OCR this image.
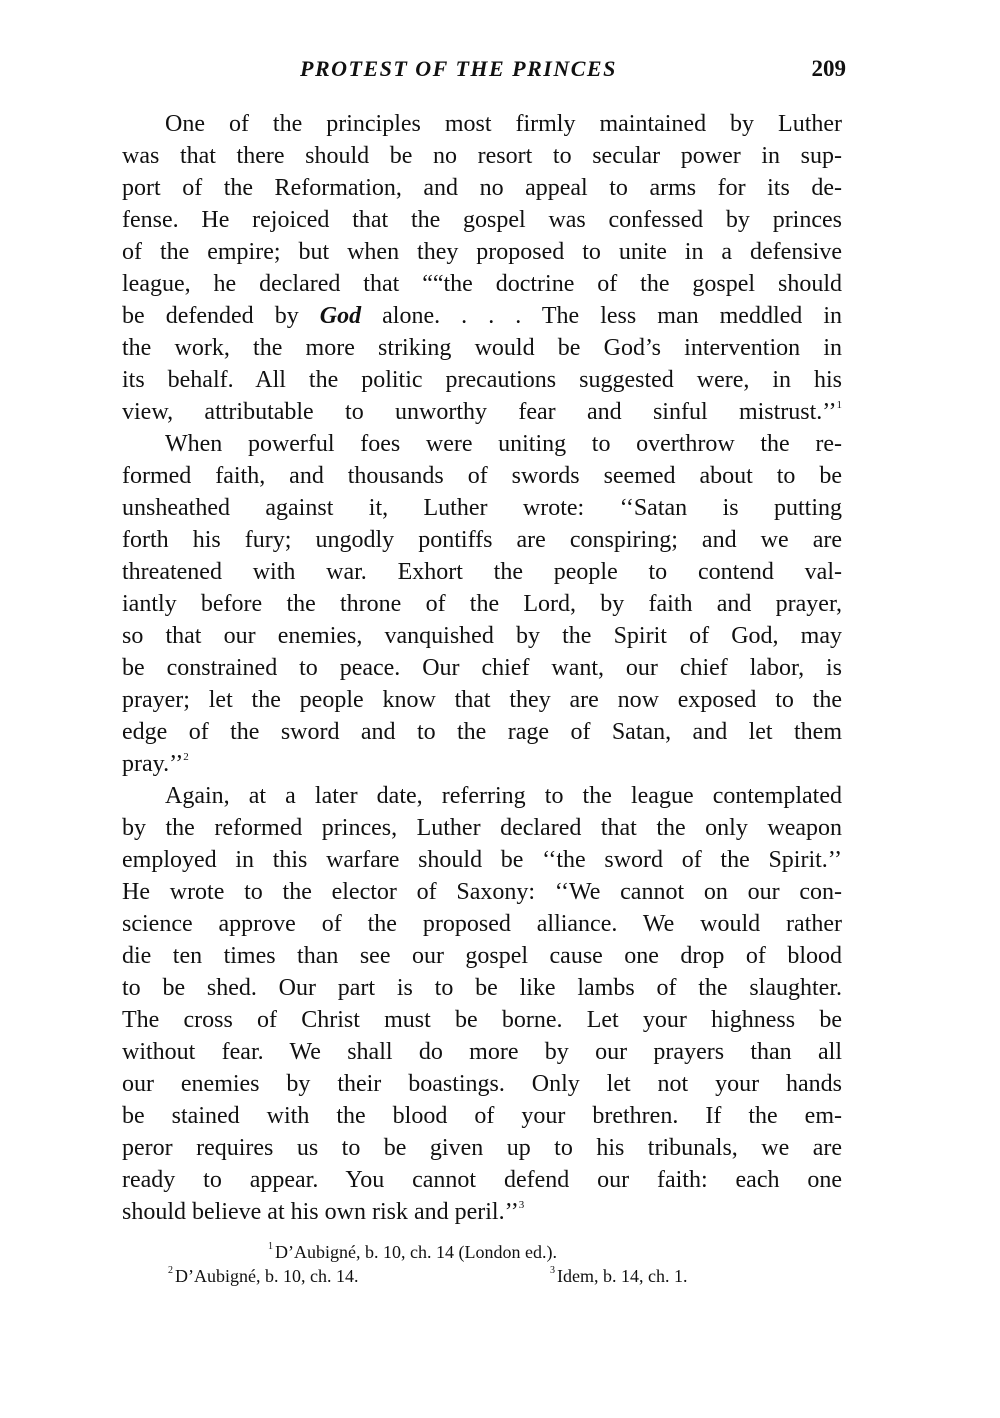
PROTEST OF THE PRINCES	209
One of the principles most firmly maintained by Luther
was that there should be no resort to secular power in sup-
port of the Reformation, and no appeal to arms for its de-
fense. He rejoiced that the gospel was confessed by princes
of the empire; but when they proposed to unite in a defensive
league, he declared that ““the doctrine of the gospel should
be defended by God alone. . . . The less man meddled in
the work, the more striking would be God’s intervention in
its behalf. All the politic precautions suggested were, in his
view, attributable to unworthy fear and sinful mistrust.’’$^1$
When powerful foes were uniting to overthrow the re-
formed faith, and thousands of swords seemed about to be
unsheathed against it, Luther wrote: ‘‘Satan is putting
forth his fury; ungodly pontiffs are conspiring; and we are
threatened with war. Exhort the people to contend val-
iantly before the throne of the Lord, by faith and prayer,
so that our enemies, vanquished by the Spirit of God, may
be constrained to peace. Our chief want, our chief labor, is
prayer; let the people know that they are now exposed to the
edge of the sword and to the rage of Satan, and let them
pray.’’$^2$
Again, at a later date, referring to the league contemplated
by the reformed princes, Luther declared that the only weapon
employed in this warfare should be ‘‘the sword of the Spirit.’’
He wrote to the elector of Saxony: ‘‘We cannot on our con-
science approve of the proposed alliance. We would rather
die ten times than see our gospel cause one drop of blood
to be shed. Our part is to be like lambs of the slaughter.
The cross of Christ must be borne. Let your highness be
without fear. We shall do more by our prayers than all
our enemies by their boastings. Only let not your hands
be stained with the blood of your brethren. If the em-
peror requires us to be given up to his tribunals, we are
ready to appear. You cannot defend our faith: each one
should believe at his own risk and peril.’’$^3$
$^1$ D’Aubigné, b. 10, ch. 14 (London ed.).
$^2$ D’Aubigné, b. 10, ch. 14.	$^3$ Idem, b. 14, ch. 1.
